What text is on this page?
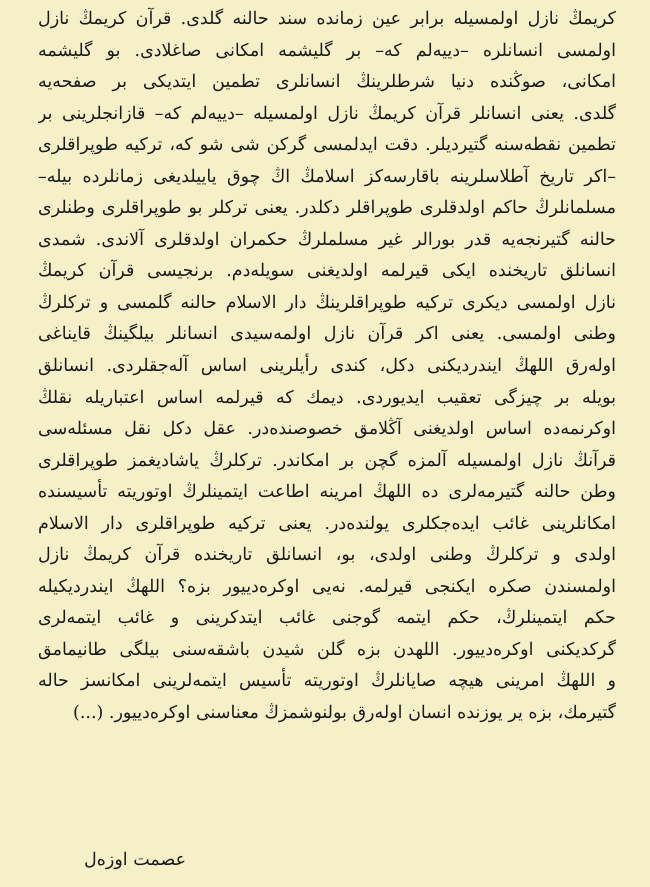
کریمڭ نازل اولمسیله برابر عین زمانده سند حالنه گلدی. قرآن کریمڭ نازل
اولمسی انسانلره –دییەلم که– بر گلیشمه امکانی صاغلادی. بو گلیشمه
امکانی، صوڭنده دنیا شرطلرینڭ انسانلری تطمین ایتدیکی بر صفحه‌یه
گلدی. یعنی انسانلر قرآن کریمڭ نازل اولمسیله –دییەلم که– قازانجلرینی بر
تطمین نقطه‌سنه گتیردیلر. دقت ایدلمسی گرکن شی شو که، ترکیه طوپراقلری
–اکر تاریخ آطلاسلرینه باقارسه‌کز اسلامڭ اڭ چوق یاییلدیغی زمانلرده بیله–
مسلمانلرڭ حاکم اولدقلری طوپراقلر دکلدر. یعنی ترکلر بو طوپراقلری وطنلری
حالنه گتیرنجه‌یه قدر بورالر غیر مسلملرڭ حکمران اولدقلری آلاندی. شمدی
انسانلق تاریخنده ایکی قیرلمه اولدیغنی سویله‌دم. برنجیسی قرآن کریمڭ
نازل اولمسی دیکری ترکیه طوپراقلرینڭ دار الاسلام حالنه گلمسی و ترکلرڭ
وطنی اولمسی. یعنی اکر قرآن نازل اولمه‌سیدی انسانلر بیلگینڭ قایناغی
اوله‌رق اللهڭ ایندردیکنی دکل، کندی رأیلرینی اساس آله‌جقلردی. انسانلق
بویله بر چیزگی تعقیب ایدیوردی. دیمك که قیرلمه اساس اعتباریله نقلڭ
اوکرنمه‌ده اساس اولدیغنی آڭلامق خصوصنده‌در. عقل دکل نقل مسئله‌سی
قرآنڭ نازل اولمسیله آلمزه گچن بر امکاندر. ترکلرڭ یاشادیغمز طوپراقلری
وطن حالنه گتیرمەلری ده اللهڭ امرینه اطاعت ایتمینلرڭ اوتوریته تأسیسنده
امکانلرینی غائب ایده‌جکلری یولنده‌در. یعنی ترکیه طوپراقلری دار الاسلام
اولدی و ترکلرڭ وطنی اولدی، بو، انسانلق تاریخنده قرآن کریمڭ نازل
اولمسندن صکره ایکنجی قیرلمه. نه‌یی اوکره‌دییور بزه؟ اللهڭ ایندردیکیله
حکم ایتمینلرڭ، حکم ایتمه گوجنی غائب ایتدکرینی و غائب ایتمه‌لری
گرکدیکنی اوکره‌دییور. اللهدن بزه گلن شیدن باشقه‌سنی بیلگی طانیمامق
و اللهڭ امرینی هیچه صایانلرڭ اوتوریته تأسیس ایتمه‌لرینی امکانسز حاله
گتیرمك، بزه یر یوزنده انسان اوله‌رق بولنوشمزڭ معناسنی اوکره‌دییور. (...)
عصمت اوزه‌ل
